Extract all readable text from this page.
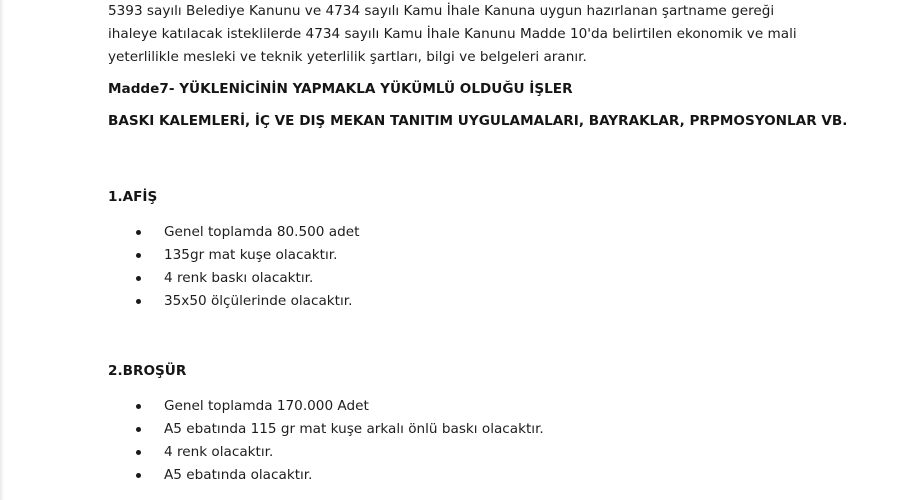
5393 sayılı Belediye Kanunu ve 4734 sayılı Kamu İhale Kanuna uygun hazırlanan şartname gereği
ihaleye katılacak isteklilerde 4734 sayılı Kamu İhale Kanunu Madde 10'da belirtilen ekonomik ve mali
yeterlilikle mesleki ve teknik yeterlilik şartları, bilgi ve belgeleri aranır.
Madde7- YÜKLENİCİNİN YAPMAKLA YÜKÜMLÜ OLDUĞU İŞLER
BASKI KALEMLERİ, İÇ VE DIŞ MEKAN TANITIM UYGULAMALARI, BAYRAKLAR, PRPMOSYONLAR VB.
1.AFİŞ
Genel toplamda 80.500 adet
135gr mat kuşe olacaktır.
4 renk baskı olacaktır.
35x50 ölçülerinde olacaktır.
2.BROŞÜR
Genel toplamda 170.000 Adet
A5 ebatında 115 gr mat kuşe arkalı önlü baskı olacaktır.
4 renk olacaktır.
A5 ebatında olacaktır.
